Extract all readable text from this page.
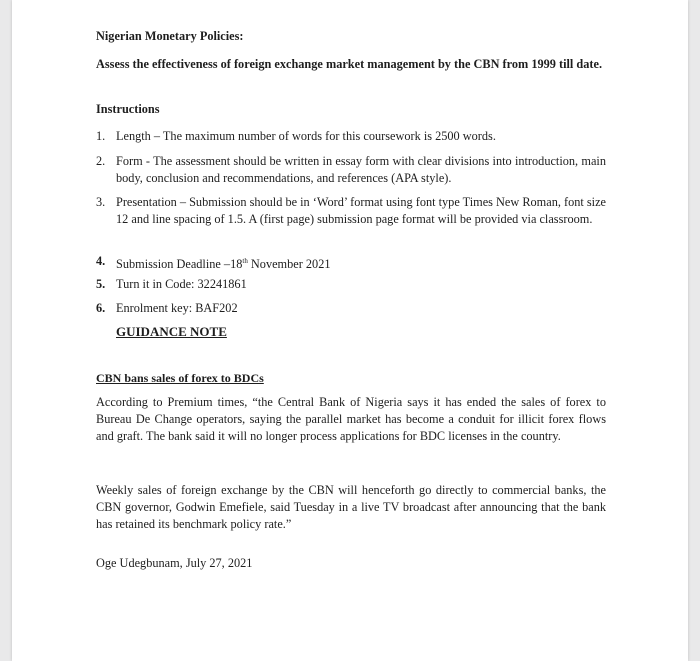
Nigerian Monetary Policies:

Assess the effectiveness of foreign exchange market management by the CBN from 1999 till date.

Instructions

1. Length – The maximum number of words for this coursework is 2500 words.
2. Form - The assessment should be written in essay form with clear divisions into introduction, main body, conclusion and recommendations, and references (APA style).
3. Presentation – Submission should be in ‘Word’ format using font type Times New Roman, font size 12 and line spacing of 1.5. A (first page) submission page format will be provided via classroom.
4. Submission Deadline –18th November 2021
5. Turn it in Code: 32241861
6. Enrolment key: BAF202

GUIDANCE NOTE

CBN bans sales of forex to BDCs

According to Premium times, “the Central Bank of Nigeria says it has ended the sales of forex to Bureau De Change operators, saying the parallel market has become a conduit for illicit forex flows and graft. The bank said it will no longer process applications for BDC licenses in the country.

Weekly sales of foreign exchange by the CBN will henceforth go directly to commercial banks, the CBN governor, Godwin Emefiele, said Tuesday in a live TV broadcast after announcing that the bank has retained its benchmark policy rate.”

Oge Udegbunam, July 27, 2021
